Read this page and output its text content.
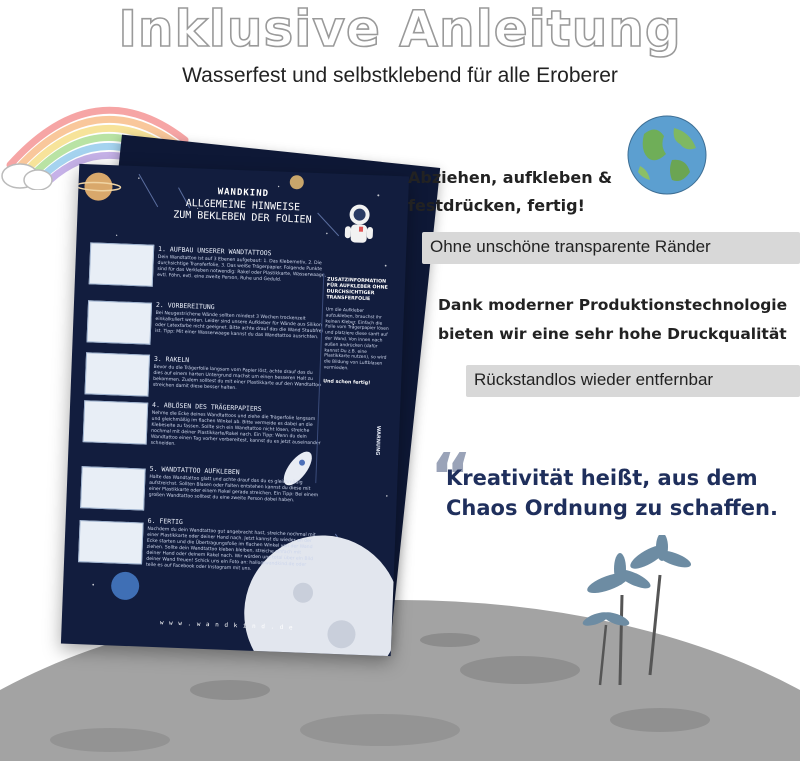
Inklusive Anleitung
Wasserfest und selbstklebend für alle Eroberer
WANDKIND
ALLGEMEINE HINWEISE
ZUM BEKLEBEN DER FOLIEN
1. AUFBAU UNSERER WANDTATTOOS
Dein Wandtattoo ist auf 3 Ebenen aufgebaut: 1. Das Klebemotiv, 2. Die durchsichtige Transferfolie, 3. Das weiße Trägerpapier. Folgende Punkte sind für das Verkleben notwendig: Rakel oder Plastikkarte, Wasserwaage, evtl. Föhn, evtl. eine zweite Person, Ruhe und Geduld.
2. VORBEREITUNG
Bei Neugestrichene Wände sollten mindest 3 Wochen trockenzeit einkalkuliert werden. Leider sind unsere Aufkleber für Wände aus Silikon oder Latexfarbe nicht geeignet. Bitte achte drauf das die Wand Staubfrei ist. Tipp: Mit einer Wasserwaage kannst du das Wandtattoo ausrichten.
3. RAKELN
Bevor du die Trägerfolie langsam vom Papier löst, achte drauf das du dies auf einem harten Untergrund machst um einen besseren Halt zu bekommen. Zudem solltest du mit einer Plastikkarte auf den Wandtattoo streichen damit diese besser halten.
4. ABLÖSEN DES TRÄGERPAPIERS
Nehme die Ecke deines Wandtattoos und ziehe die Trägerfolie langsam und gleichmäßig im flachen Winkel ab. Bitte vermeide es dabei an die Klebeseite zu fassen. Sollte sich ein Wandtattoo nicht lösen, streiche nochmal mit deiner Plastikkarte/Rakel nach. Ein Tipp: Wenn du dein Wandtattoo einen Tag vorher vorbereitest, kannst du es jetzt auseinander schneiden.
5. WANDTATTOO AUFKLEBEN
Halte das Wandtattoo glatt und achte drauf das du es gleichmäßig aufstreichst. Sollten Blasen oder Falten entstehen kannst du diese mit einer Plastikkarte oder einem Rakel gerade streichen. Ein Tipp: Bei einem großen Wandtattoo solltest du eine zweite Person dabei haben.
6. FERTIG
Nachdem du dein Wandtattoo gut angebracht hast, streiche nochmal mit einer Plastikkarte oder deiner Hand nach. Jetzt kannst du wieder an der Ecke starten und die Übertragungsfolie im flachen Winkel von der Wand ziehen. Sollte dein Wandtattoo kleben bleiben, streiche einfach mit deiner Hand oder deinem Rakel nach. Wir würden uns total über ein Bild deiner Wand freuen! Schick uns ein Foto an: hallo@wandkind.de oder teile es auf Facebook oder Instagram mit uns.
ZUSATZINFORMATION FÜR AUFKLEBER OHNE DURCHSICHTIGER TRANSFERFOLIE
Um die Aufkleber aufzukleben, brauchst ihr keinen Kleber. Einfach die Folie vom Trägerpapier lösen und platziere diese sanft auf der Wand. Von innen nach außen andrücken (dafür kannst Du z.B. eine Plastikkarte nutzen), so wird die Bildung von Luftblasen vermieden.
Und schon fertig!
WARNUNG
w w w . w a n d k i n d . d e
Abziehen, aufkleben &
festdrücken, fertig!
Ohne unschöne transparente Ränder
Dank moderner Produktionstechnologie
bieten wir eine sehr hohe Druckqualität
Rückstandlos wieder entfernbar
“
Kreativität heißt, aus dem
Chaos Ordnung zu schaffen.
